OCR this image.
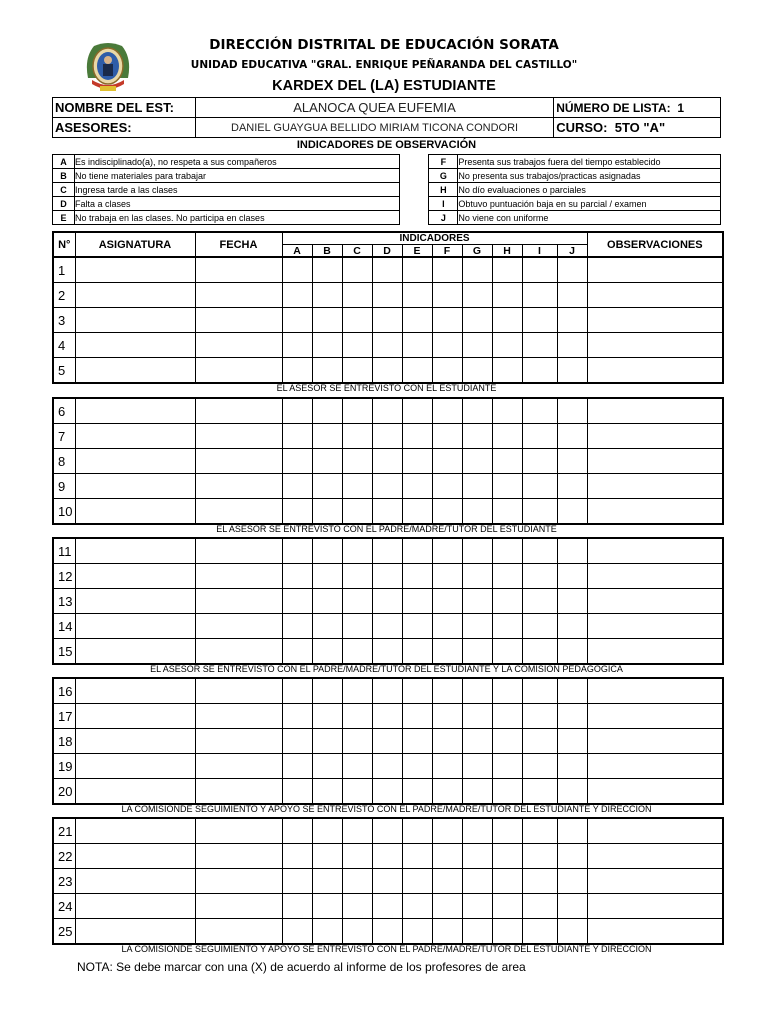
DIRECCIÓN DISTRITAL DE EDUCACIÓN SORATA
UNIDAD EDUCATIVA "GRAL. ENRIQUE PEÑARANDA DEL CASTILLO"
KARDEX DEL (LA) ESTUDIANTE
NOMBRE DEL EST:	ALANOCA QUEA EUFEMIA	NÚMERO DE LISTA: 1
ASESORES:	DANIEL GUAYGUA BELLIDO MIRIAM TICONA CONDORI	CURSO: 5TO "A"
INDICADORES DE OBSERVACIÓN
A	Es indisciplinado(a), no respeta a sus compañeros		F	Presenta sus trabajos fuera del tiempo establecido
B	No tiene materiales para trabajar		G	No presenta sus trabajos/practicas asignadas
C	Ingresa tarde a las clases		H	No dío evaluaciones o parciales
D	Falta a clases		I	Obtuvo puntuación baja en su parcial / examen
E	No trabaja en las clases. No participa en clases		J	No viene con uniforme
N°	ASIGNATURA	FECHA	INDICADORES										OBSERVACIONES
			A	B	C	D	E	F	G	H	I	J	
1													
2													
3													
4													
5													
EL ASESOR SE ENTREVISTO CON EL ESTUDIANTE
6													
7													
8													
9													
10													
EL ASESOR SE ENTREVISTO CON EL PADRE/MADRE/TUTOR DEL ESTUDIANTE
11													
12													
13													
14													
15													
EL ASESOR SE ENTREVISTO CON EL PADRE/MADRE/TUTOR DEL ESTUDIANTE Y LA COMISION PEDAGÓGICA
16													
17													
18													
19													
20													
LA COMISIONDE SEGUIMIENTO Y APOYO SE ENTREVISTO CON EL PADRE/MADRE/TUTOR DEL ESTUDIANTE Y DIRECCION
21													
22													
23													
24													
25													
LA COMISIONDE SEGUIMIENTO Y APOYO SE ENTREVISTO CON EL PADRE/MADRE/TUTOR DEL ESTUDIANTE Y DIRECCION
NOTA: Se debe marcar con una (X) de acuerdo al informe de los profesores de area
